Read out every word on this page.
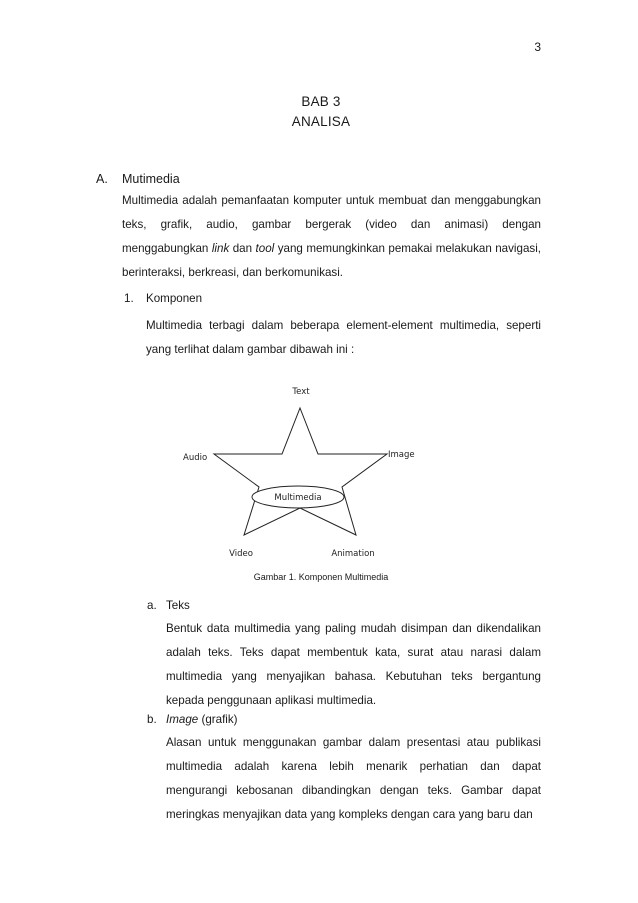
3
BAB 3
ANALISA
A. Mutimedia

Multimedia adalah pemanfaatan komputer untuk membuat dan menggabungkan teks, grafik, audio, gambar bergerak (video dan animasi) dengan menggabungkan link dan tool yang memungkinkan pemakai melakukan navigasi, berinteraksi, berkreasi, dan berkomunikasi.

1. Komponen

Multimedia terbagi dalam beberapa element-element multimedia, seperti yang terlihat dalam gambar dibawah ini :

Multimedia
Text
Image
Audio
Video	Animation
Gambar 1. Komponen Multimedia
a. Teks

Bentuk data multimedia yang paling mudah disimpan dan dikendalikan adalah teks. Teks dapat membentuk kata, surat atau narasi dalam multimedia yang menyajikan bahasa. Kebutuhan teks bergantung kepada penggunaan aplikasi multimedia.

b. Image (grafik)

Alasan untuk menggunakan gambar dalam presentasi atau publikasi multimedia adalah karena lebih menarik perhatian dan dapat mengurangi kebosanan dibandingkan dengan teks. Gambar dapat meringkas menyajikan data yang kompleks dengan cara yang baru dan
